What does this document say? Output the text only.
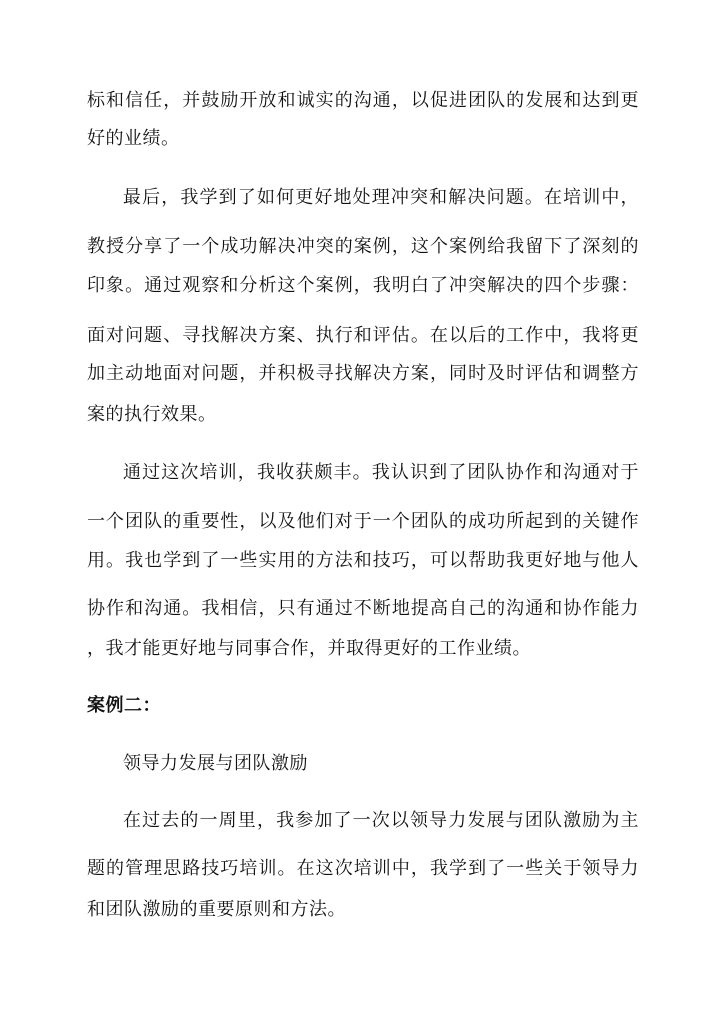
标和信任，并鼓励开放和诚实的沟通，以促进团队的发展和达到更
好的业绩。
最后，我学到了如何更好地处理冲突和解决问题。在培训中，
教授分享了一个成功解决冲突的案例，这个案例给我留下了深刻的
印象。通过观察和分析这个案例，我明白了冲突解决的四个步骤：
面对问题、寻找解决方案、执行和评估。在以后的工作中，我将更
加主动地面对问题，并积极寻找解决方案，同时及时评估和调整方
案的执行效果。
通过这次培训，我收获颇丰。我认识到了团队协作和沟通对于
一个团队的重要性，以及他们对于一个团队的成功所起到的关键作
用。我也学到了一些实用的方法和技巧，可以帮助我更好地与他人
协作和沟通。我相信，只有通过不断地提高自己的沟通和协作能力
，我才能更好地与同事合作，并取得更好的工作业绩。
案例二：
领导力发展与团队激励
在过去的一周里，我参加了一次以领导力发展与团队激励为主
题的管理思路技巧培训。在这次培训中，我学到了一些关于领导力
和团队激励的重要原则和方法。
